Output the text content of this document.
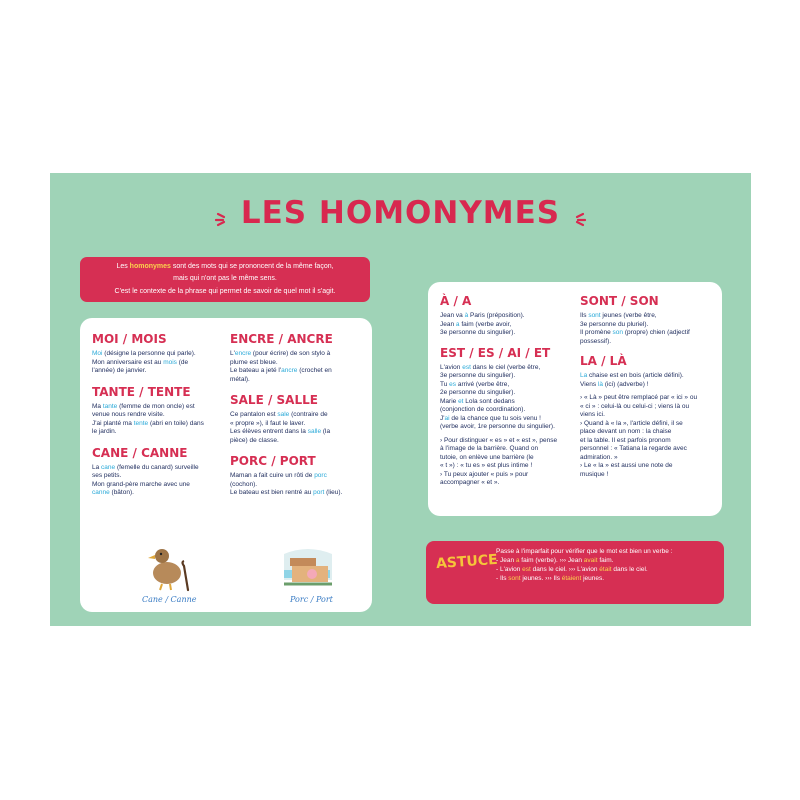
LES HOMONYMES

Les homonymes sont des mots qui se prononcent de la même façon,

mais qui n'ont pas le même sens.

C'est le contexte de la phrase qui permet de savoir de quel mot il s'agit.

MOI / MOIS

Moi (désigne la personne qui parle).

Mon anniversaire est au mois (de

l'année) de janvier.

TANTE / TENTE

Ma tante (femme de mon oncle) est

venue nous rendre visite.

J'ai planté ma tente (abri en toile) dans

le jardin.

CANE / CANNE

La cane (femelle du canard) surveille

ses petits.

Mon grand-père marche avec une

canne (bâton).

ENCRE / ANCRE

L'encre (pour écrire) de son stylo à

plume est bleue.

Le bateau a jeté l'ancre (crochet en

métal).

SALE / SALLE

Ce pantalon est sale (contraire de

« propre »), il faut le laver.

Les élèves entrent dans la salle (la

pièce) de classe.

PORC / PORT

Maman a fait cuire un rôti de porc

(cochon).

Le bateau est bien rentré au port (lieu).

Cane / Canne	Porc / Port

À / A

Jean va à Paris (préposition).

Jean a faim (verbe avoir,

3e personne du singulier).

EST / ES / AI / ET

L'avion est dans le ciel (verbe être,

3e personne du singulier).

Tu es arrivé (verbe être,

2e personne du singulier).

Marie et Lola sont dedans

(conjonction de coordination).

J'ai de la chance que tu sois venu !

(verbe avoir, 1re personne du singulier).

› Pour distinguer « es » et « est », pense

à l'image de la barrière. Quand on

tutoie, on enlève une barrière (le

« t ») : « tu es » est plus intime !

› Tu peux ajouter « puis » pour

accompagner « et ».

SONT / SON

Ils sont jeunes (verbe être,

3e personne du pluriel).

Il promène son (propre) chien (adjectif

possessif).

LA / LÀ

La chaise est en bois (article défini).

Viens là (ici) (adverbe) !

› « Là » peut être remplacé par « ici » ou

« ci » : celui-là ou celui-ci ; viens là ou

viens ici.

› Quand à « la », l'article défini, il se

place devant un nom : la chaise

et la table. Il est parfois pronom

personnel : « Tatiana la regarde avec

admiration. »

› Le « la » est aussi une note de

musique !

ASTUCE
Passe à l'imparfait pour vérifier que le mot est bien un verbe :
- Jean a faim (verbe). ››› Jean avait faim.
- L'avion est dans le ciel. ››› L'avion était dans le ciel.
- Ils sont jeunes. ››› Ils étaient jeunes.
